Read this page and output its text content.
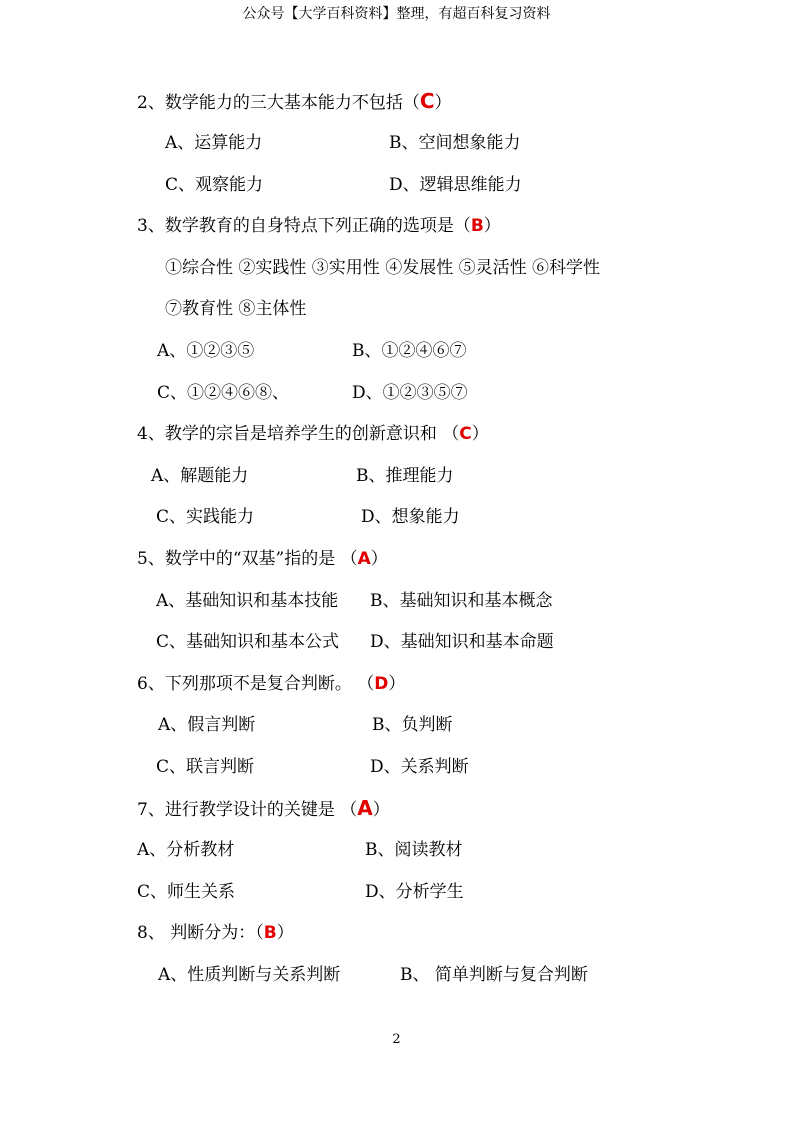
公众号【大学百科资料】整理，有超百科复习资料
2、数学能力的三大基本能力不包括（C）
A、运算能力	B、空间想象能力
C、观察能力	D、逻辑思维能力
3、数学教育的自身特点下列正确的选项是（B）
①综合性 ②实践性 ③实用性 ④发展性 ⑤灵活性 ⑥科学性
⑦教育性 ⑧主体性
A、①②③⑤	B、①②④⑥⑦
C、①②④⑥⑧、	D、①②③⑤⑦
4、教学的宗旨是培养学生的创新意识和 （C）
A、解题能力	B、推理能力
C、实践能力	D、想象能力
5、数学中的“双基”指的是 （A）
A、基础知识和基本技能 B、基础知识和基本概念
C、基础知识和基本公式 D、基础知识和基本命题
6、下列那项不是复合判断。 （D）
A、假言判断	B、负判断
C、联言判断	D、关系判断
7、进行教学设计的关键是 （A）
A、分析教材	B、阅读教材
C、师生关系	D、分析学生
8、 判断分为：（B）
A、性质判断与关系判断	B、 简单判断与复合判断
2
